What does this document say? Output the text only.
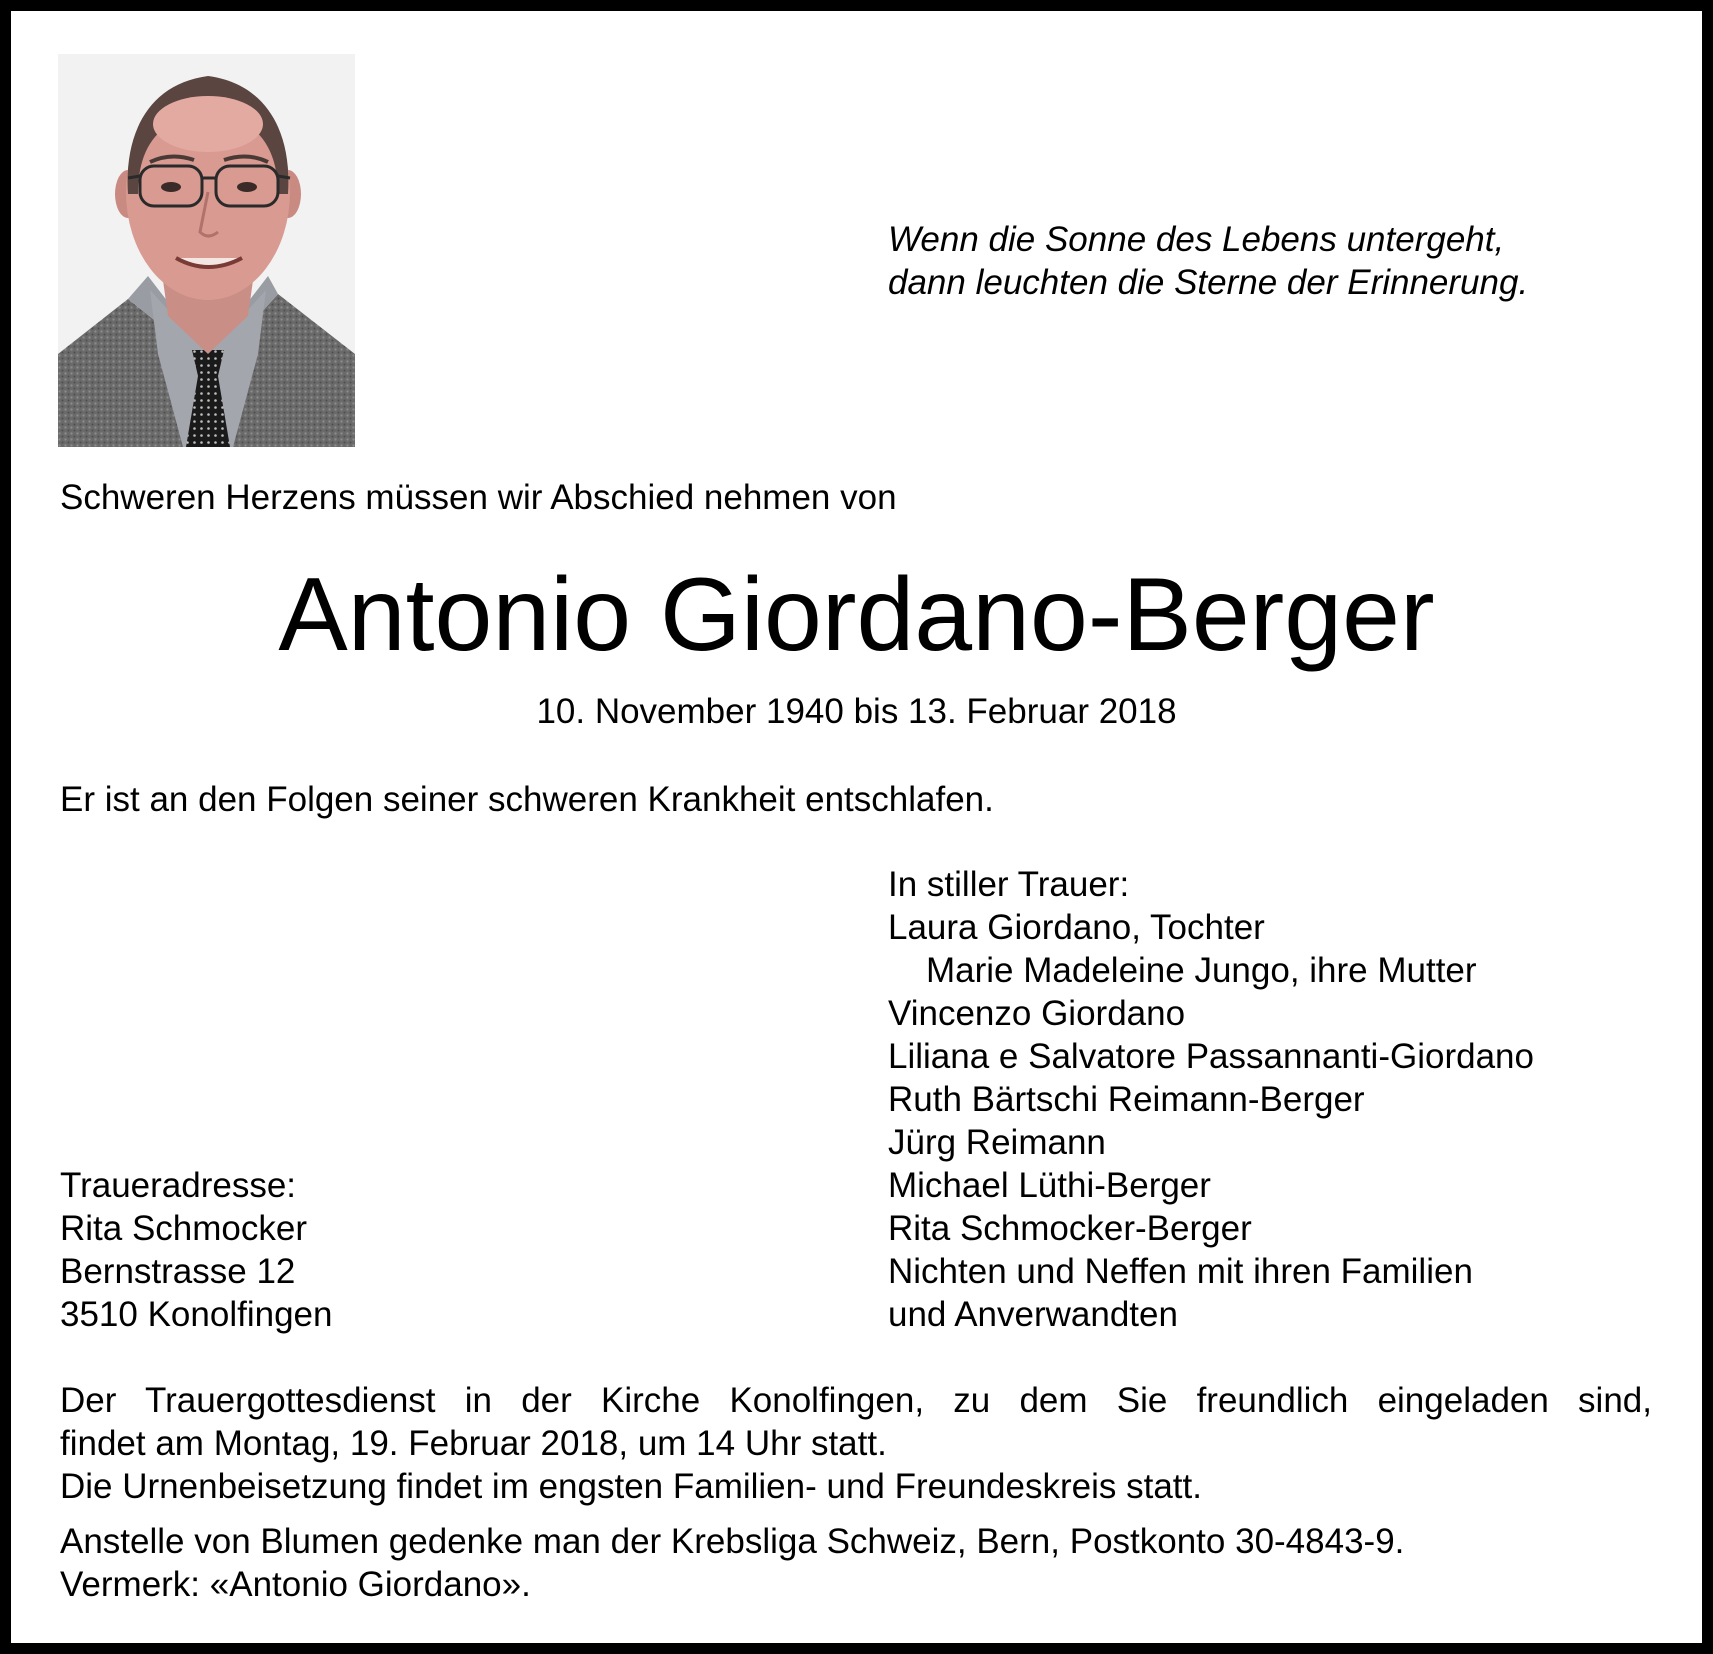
Wenn die Sonne des Lebens untergeht,
dann leuchten die Sterne der Erinnerung.
Schweren Herzens müssen wir Abschied nehmen von
Antonio Giordano-Berger
10. November 1940 bis 13. Februar 2018
Er ist an den Folgen seiner schweren Krankheit entschlafen.
In stiller Trauer:
Laura Giordano, Tochter
Marie Madeleine Jungo, ihre Mutter
Vincenzo Giordano
Liliana e Salvatore Passannanti-Giordano
Ruth Bärtschi Reimann-Berger
Jürg Reimann
Michael Lüthi-Berger
Rita Schmocker-Berger
Nichten und Neffen mit ihren Familien
und Anverwandten
Traueradresse:
Rita Schmocker
Bernstrasse 12
3510 Konolfingen
Der Trauergottesdienst in der Kirche Konolfingen, zu dem Sie freundlich eingeladen sind,
findet am Montag, 19. Februar 2018, um 14 Uhr statt.
Die Urnenbeisetzung findet im engsten Familien- und Freundeskreis statt.
Anstelle von Blumen gedenke man der Krebsliga Schweiz, Bern, Postkonto 30-4843-9.
Vermerk: «Antonio Giordano».
